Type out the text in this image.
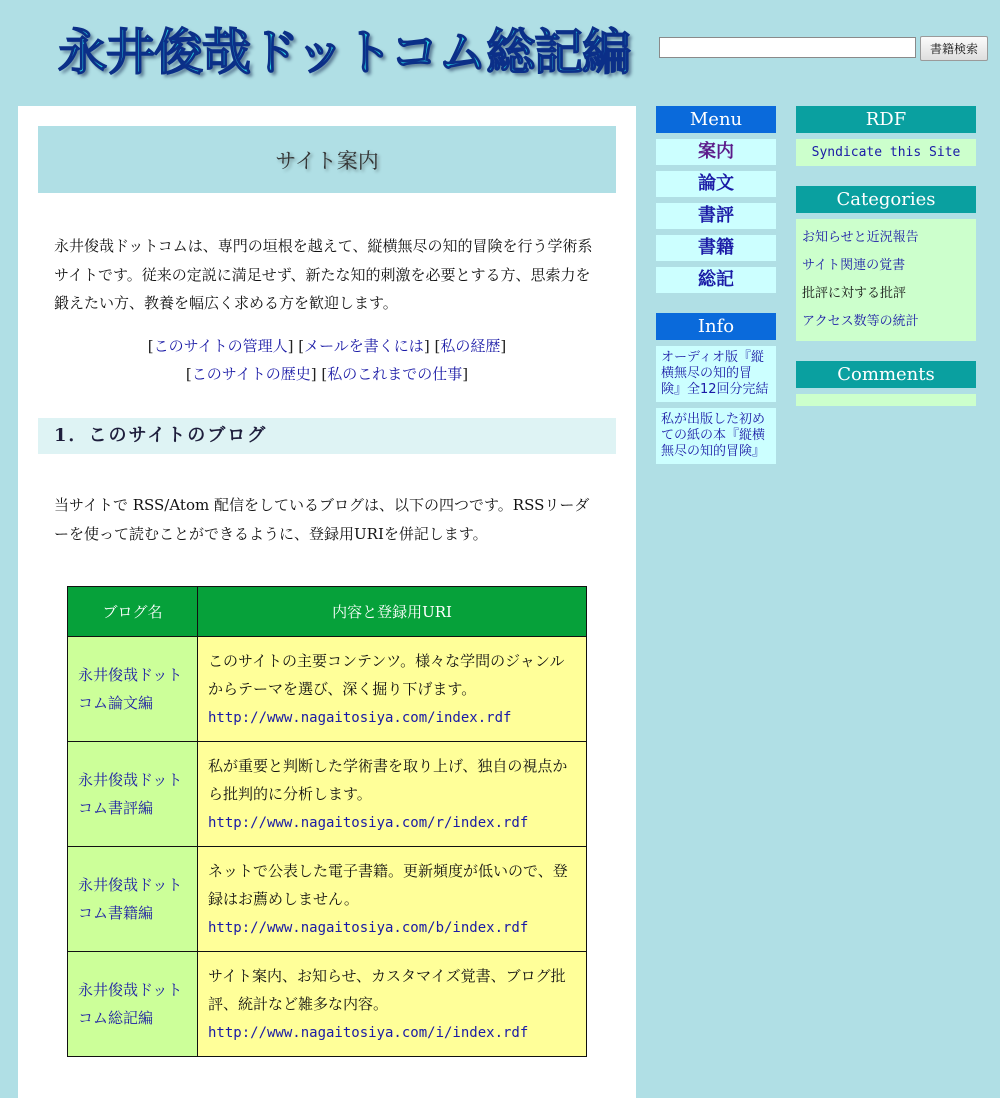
永井俊哉ドットコム総記編	書籍検索
サイト案内

永井俊哉ドットコムは、専門の垣根を越えて、縦横無尽の知的冒険を行う学術系サイトです。従来の定説に満足せず、新たな知的刺激を必要とする方、思索力を鍛えたい方、教養を幅広く求める方を歓迎します。

[このサイトの管理人] [メールを書くには] [私の経歴]
[このサイトの歴史] [私のこれまでの仕事]
1．このサイトのブログ

当サイトで RSS/Atom 配信をしているブログは、以下の四つです。RSSリーダーを使って読むことができるように、登録用URIを併記します。

ブログ名	内容と登録用URI
永井俊哉ドットコム論文編	このサイトの主要コンテンツ。様々な学問のジャンルからテーマを選び、深く掘り下げます。
http://www.nagaitosiya.com/index.rdf
永井俊哉ドットコム書評編	私が重要と判断した学術書を取り上げ、独自の視点から批判的に分析します。
http://www.nagaitosiya.com/r/index.rdf
永井俊哉ドットコム書籍編	ネットで公表した電子書籍。更新頻度が低いので、登録はお薦めしません。
http://www.nagaitosiya.com/b/index.rdf
永井俊哉ドットコム総記編	サイト案内、お知らせ、カスタマイズ覚書、ブログ批評、統計など雑多な内容。
http://www.nagaitosiya.com/i/index.rdf
Menu
案内
論文
書評
書籍
総記
Info
オーディオ版『縦横無尽の知的冒険』全12回分完結
私が出版した初めての紙の本『縦横無尽の知的冒険』
RDF
Syndicate this Site
Categories
お知らせと近況報告
サイト関連の覚書
批評に対する批評
アクセス数等の統計
Comments
